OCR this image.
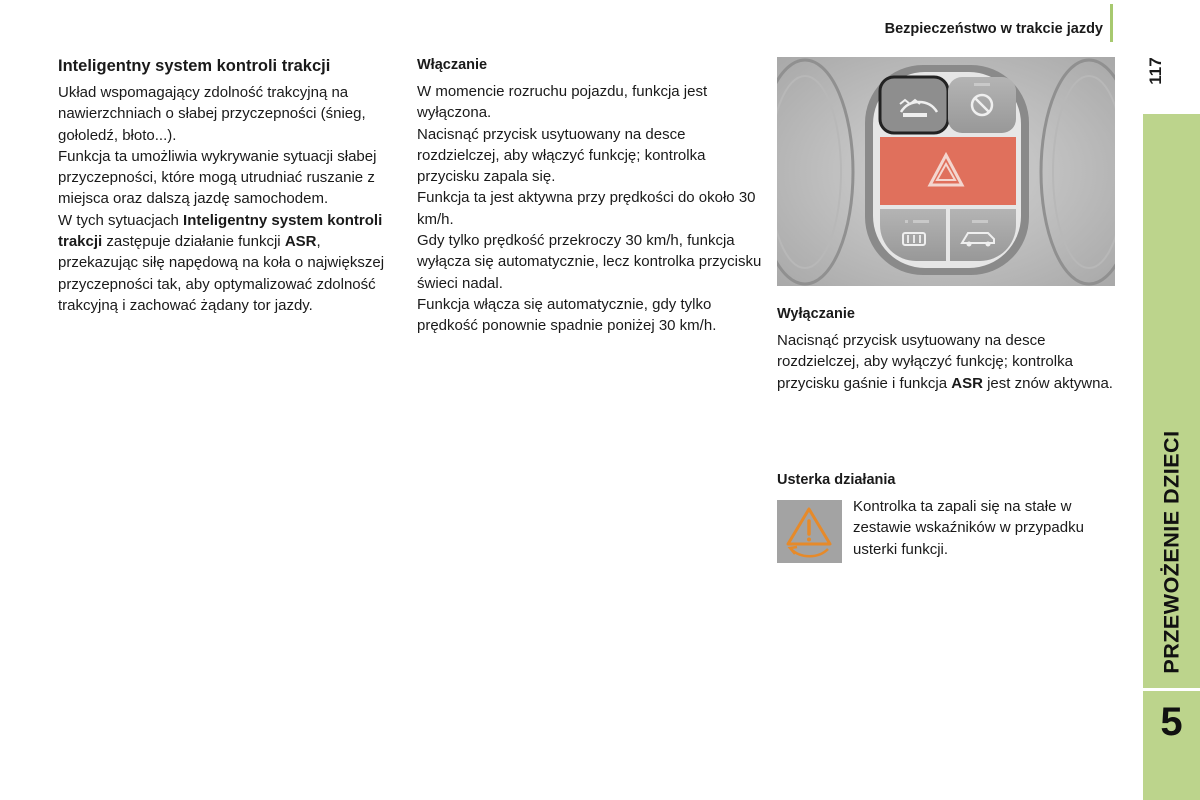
Bezpieczeństwo w trakcie jazdy
117
PRZEWOŻENIE DZIECI
5
Inteligentny system kontroli trakcji

Układ wspomagający zdolność trakcyjną na nawierzchniach o słabej przyczepności (śnieg, gołoledź, błoto...).

Funkcja ta umożliwia wykrywanie sytuacji słabej przyczepności, które mogą utrudniać ruszanie z miejsca oraz dalszą jazdę samochodem.

W tych sytuacjach Inteligentny system kontroli trakcji zastępuje działanie funkcji ASR, przekazując siłę napędową na koła o największej przyczepności tak, aby optymalizować zdolność trakcyjną i zachować żądany tor jazdy.

Włączanie

W momencie rozruchu pojazdu, funkcja jest wyłączona.

Nacisnąć przycisk usytuowany na desce rozdzielczej, aby włączyć funkcję; kontrolka przycisku zapala się.

Funkcja ta jest aktywna przy prędkości do około 30 km/h.

Gdy tylko prędkość przekroczy 30 km/h, funkcja wyłącza się automatycznie, lecz kontrolka przycisku świeci nadal.

Funkcja włącza się automatycznie, gdy tylko prędkość ponownie spadnie poniżej 30 km/h.

Wyłączanie

Nacisnąć przycisk usytuowany na desce rozdzielczej, aby wyłączyć funkcję; kontrolka przycisku gaśnie i funkcja ASR jest znów aktywna.

Usterka działania
Kontrolka ta zapali się na stałe w zestawie wskaźników w przypadku usterki funkcji.
